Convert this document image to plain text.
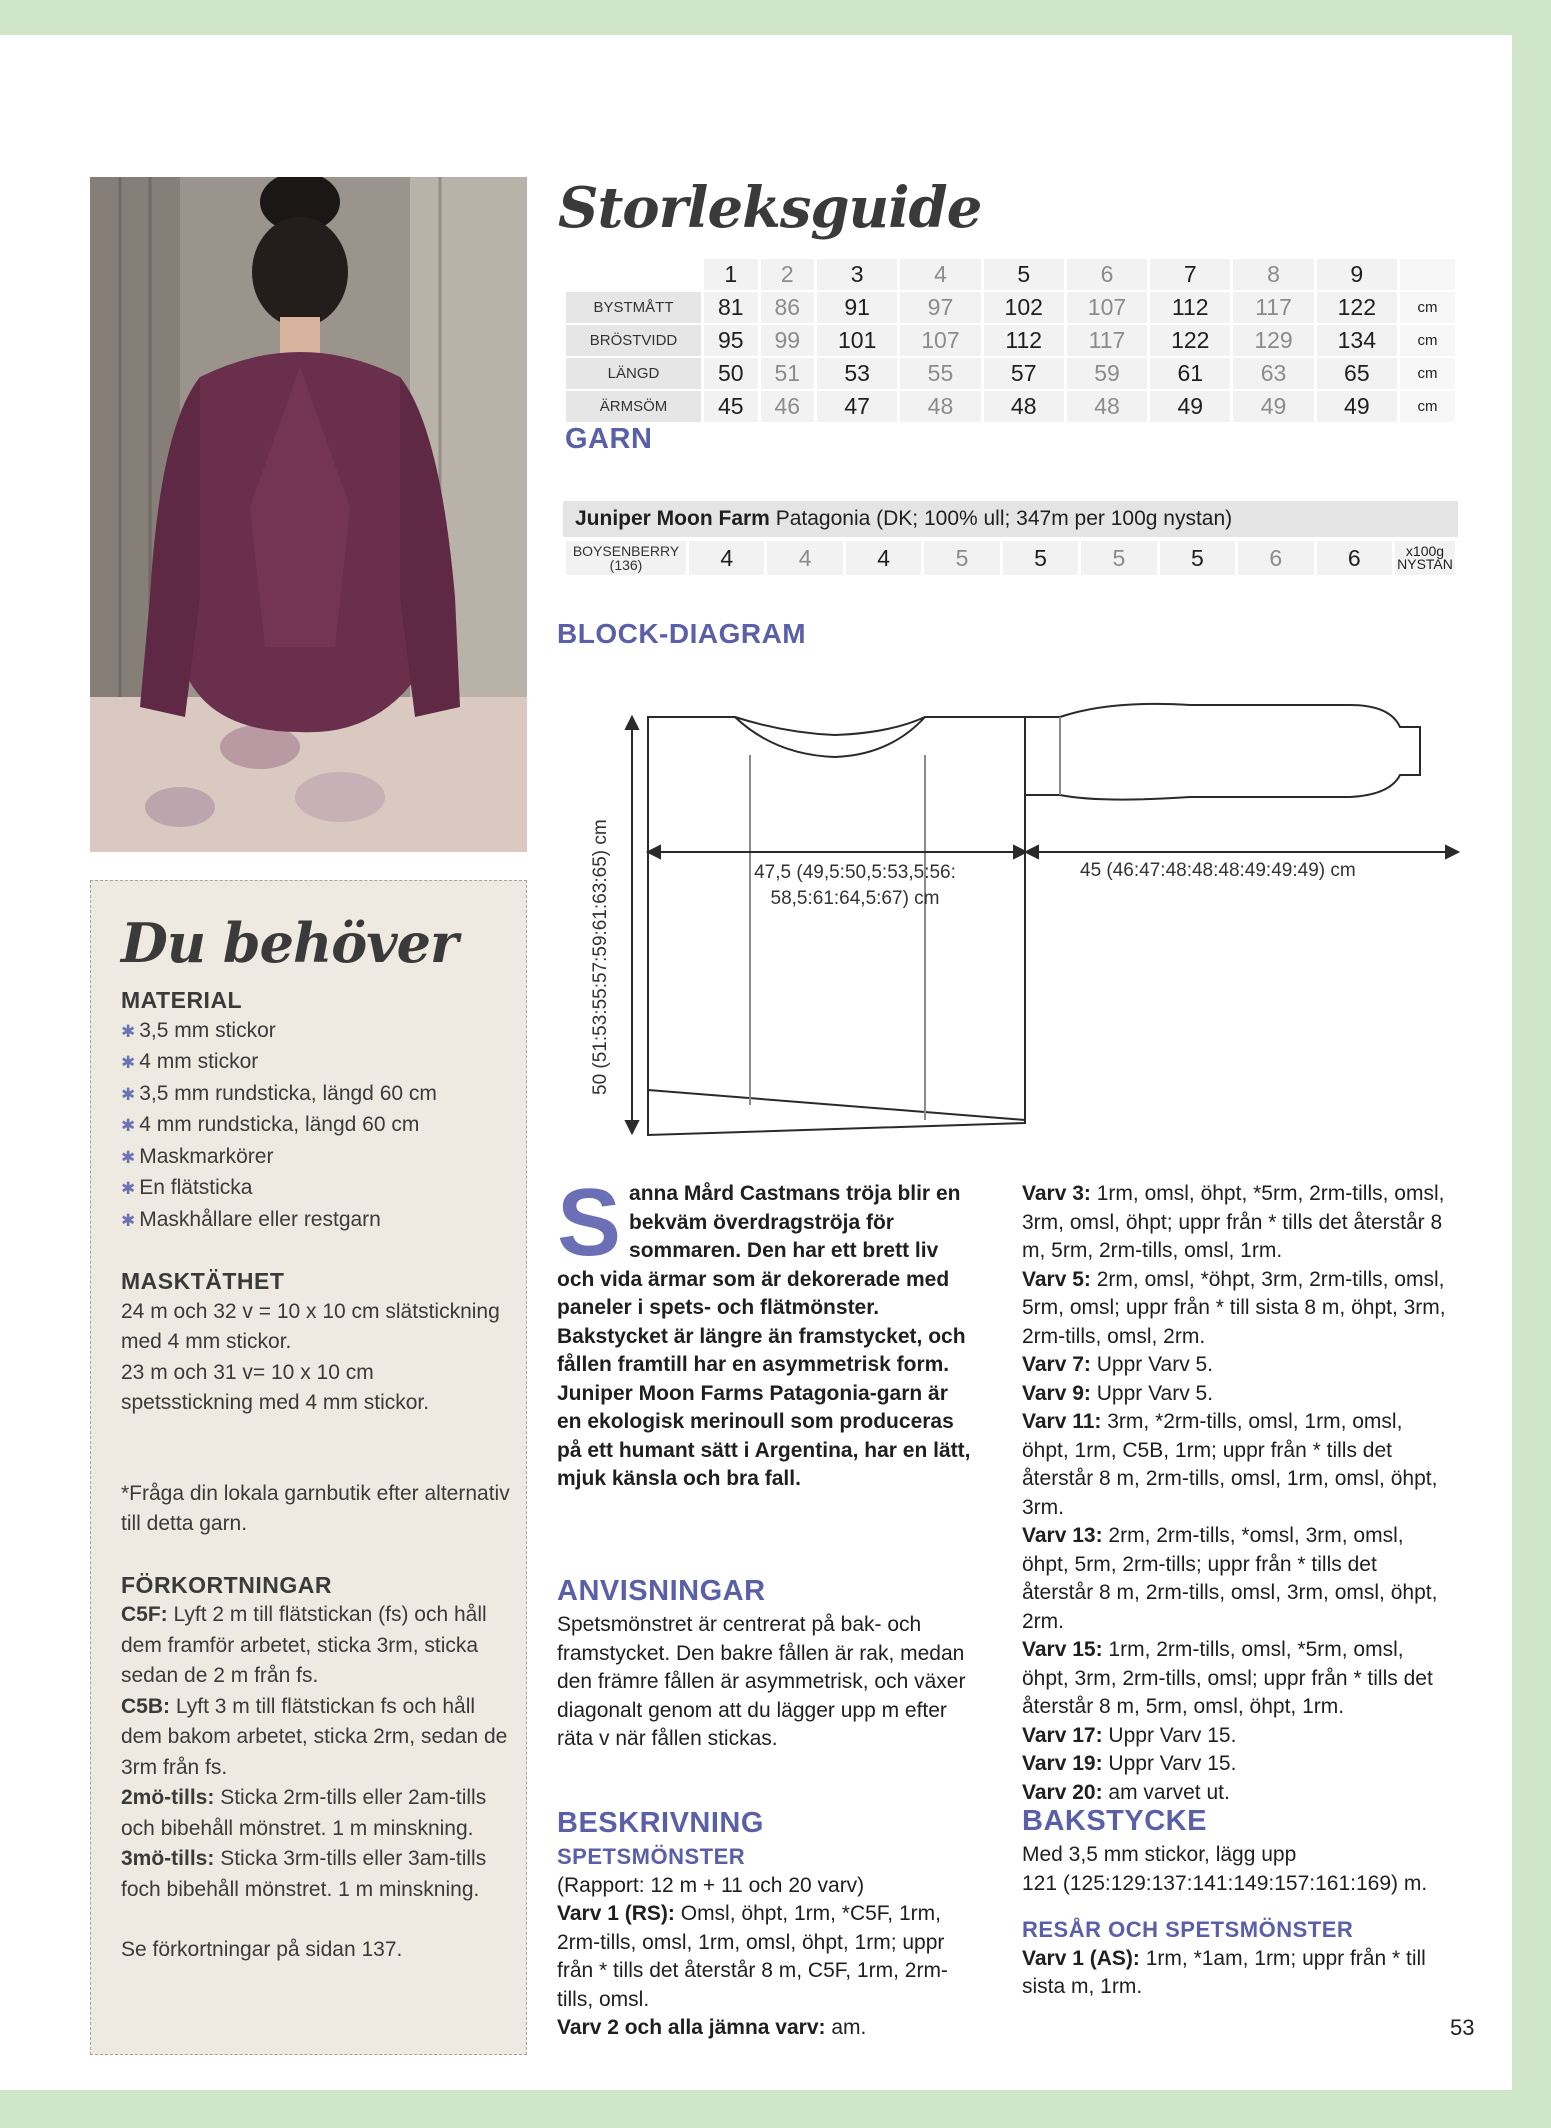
Du behöver
MATERIAL
✱ 3,5 mm stickor
✱ 4 mm stickor
✱ 3,5 mm rundsticka, längd 60 cm
✱ 4 mm rundsticka, längd 60 cm
✱ Maskmarkörer
✱ En flätsticka
✱ Maskhållare eller restgarn
MASKTÄTHET

24 m och 32 v = 10 x 10 cm slätstickning med 4 mm stickor.

23 m och 31 v= 10 x 10 cm spetsstickning med 4 mm stickor.

*Fråga din lokala garnbutik efter alternativ till detta garn.

FÖRKORTNINGAR

C5F: Lyft 2 m till flätstickan (fs) och håll dem framför arbetet, sticka 3rm, sticka sedan de 2 m från fs.

C5B: Lyft 3 m till flätstickan fs och håll dem bakom arbetet, sticka 2rm, sedan de 3rm från fs.

2mö-tills: Sticka 2rm-tills eller 2am-tills och bibehåll mönstret. 1 m minskning.

3mö-tills: Sticka 3rm-tills eller 3am-tills foch bibehåll mönstret. 1 m minskning.

Se förkortningar på sidan 137.

Storleksguide
	1	2	3	4	5	6	7	8	9	
BYSTMÅTT	81	86	91	97	102	107	112	117	122	cm
BRÖSTVIDD	95	99	101	107	112	117	122	129	134	cm
LÄNGD	50	51	53	55	57	59	61	63	65	cm
ÄRMSÖM	45	46	47	48	48	48	49	49	49	cm
GARN
Juniper Moon Farm Patagonia (DK; 100% ull; 347m per 100g nystan)
BOYSENBERRY
(136)	4	4	4	5	5	5	5	6	6	x100g
NYSTAN
BLOCK-DIAGRAM
47,5 (49,5:50,5:53,5:56:
58,5:61:64,5:67) cm
45 (46:47:48:48:48:49:49:49) cm
50 (51:53:55:57:59:61:63:65) cm
S anna Mård Castmans tröja blir en bekväm överdragströja för sommaren. Den har ett brett liv och vida ärmar som är dekorerade med paneler i spets- och flätmönster. Bakstycket är längre än framstycket, och fållen framtill har en asymmetrisk form. Juniper Moon Farms Patagonia-garn är en ekologisk merinoull som produceras på ett humant sätt i Argentina, har en lätt, mjuk känsla och bra fall.
ANVISNINGAR
Spetsmönstret är centrerat på bak- och framstycket. Den bakre fållen är rak, medan den främre fållen är asymmetrisk, och växer diagonalt genom att du lägger upp m efter räta v när fållen stickas.
BESKRIVNING
SPETSMÖNSTER

(Rapport: 12 m + 11 och 20 varv)

Varv 1 (RS): Omsl, öhpt, 1rm, *C5F, 1rm, 2rm-tills, omsl, 1rm, omsl, öhpt, 1rm; uppr från * tills det återstår 8 m, C5F, 1rm, 2rm-tills, omsl.

Varv 2 och alla jämna varv: am.

Varv 3: 1rm, omsl, öhpt, *5rm, 2rm-tills, omsl, 3rm, omsl, öhpt; uppr från * tills det återstår 8 m, 5rm, 2rm-tills, omsl, 1rm.

Varv 5: 2rm, omsl, *öhpt, 3rm, 2rm-tills, omsl, 5rm, omsl; uppr från * till sista 8 m, öhpt, 3rm, 2rm-tills, omsl, 2rm.

Varv 7: Uppr Varv 5.

Varv 9: Uppr Varv 5.

Varv 11: 3rm, *2rm-tills, omsl, 1rm, omsl, öhpt, 1rm, C5B, 1rm; uppr från * tills det återstår 8 m, 2rm-tills, omsl, 1rm, omsl, öhpt, 3rm.

Varv 13: 2rm, 2rm-tills, *omsl, 3rm, omsl, öhpt, 5rm, 2rm-tills; uppr från * tills det återstår 8 m, 2rm-tills, omsl, 3rm, omsl, öhpt, 2rm.

Varv 15: 1rm, 2rm-tills, omsl, *5rm, omsl, öhpt, 3rm, 2rm-tills, omsl; uppr från * tills det återstår 8 m, 5rm, omsl, öhpt, 1rm.

Varv 17: Uppr Varv 15.

Varv 19: Uppr Varv 15.

Varv 20: am varvet ut.

BAKSTYCKE

Med 3,5 mm stickor, lägg upp

121 (125:129:137:141:149:157:161:169) m.

RESÅR OCH SPETSMÖNSTER

Varv 1 (AS): 1rm, *1am, 1rm; uppr från * till sista m, 1rm.

53
